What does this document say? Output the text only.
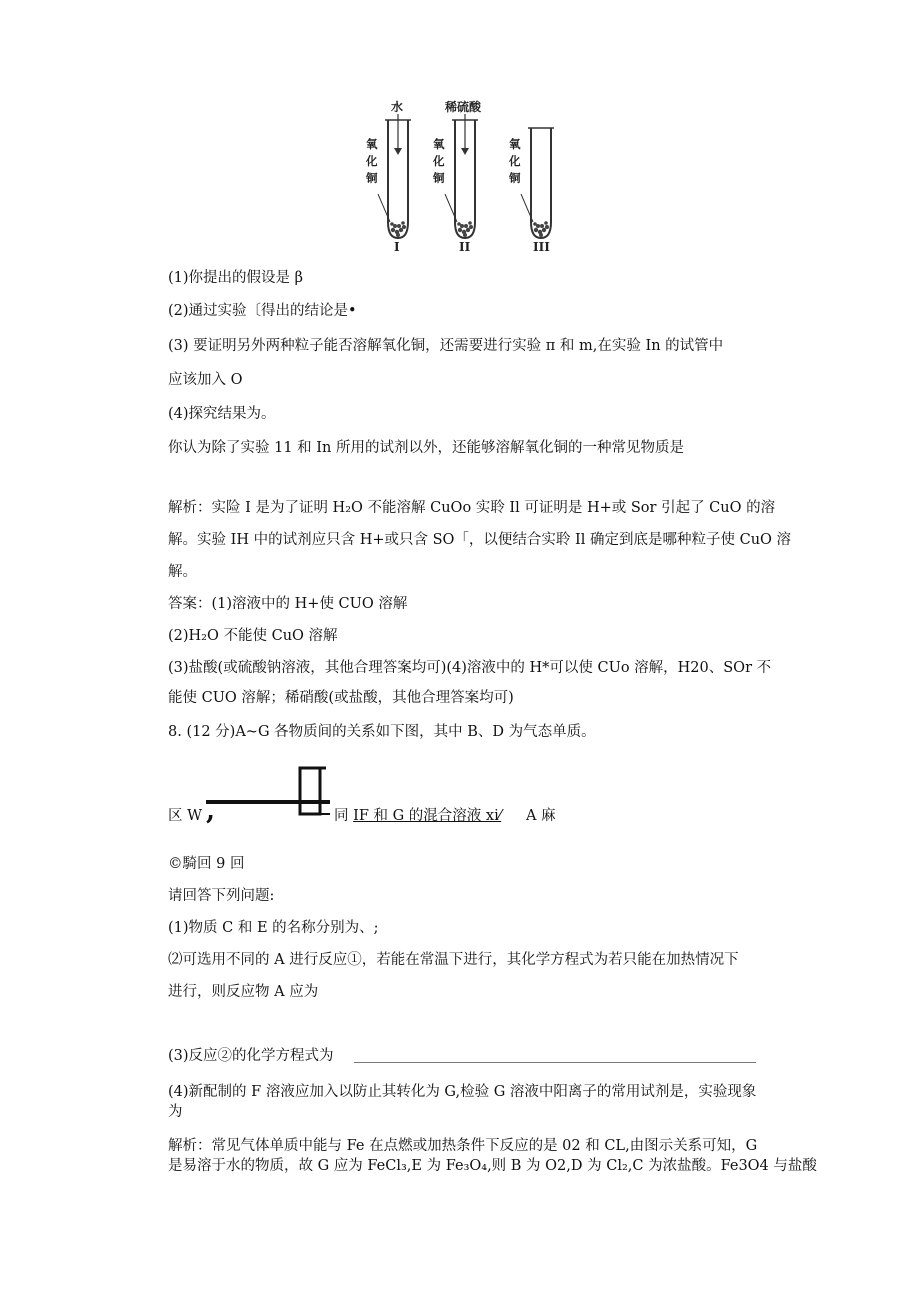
水	稀硫酸
氧化铜
氧化铜
氧化铜
I	II	III
(1)你提出的假设是 β
(2)通过实验〔得出的结论是•
(3) 要证明另外两种粒子能否溶解氧化铜，还需要进行实验 π 和 m,在实验 In 的试管中
应该加入 O
(4)探究结果为。
你认为除了实验 11 和 In 所用的试剂以外，还能够溶解氧化铜的一种常见物质是
解析：实险 I 是为了证明 H₂O 不能溶解 CuOo 实聆 Il 可证明是 H+或 Sor 引起了 CuO 的溶
解。实验 IH 中的试剂应只含 H+或只含 SO「，以便结合实聆 Il 确定到底是哪种粒子使 CuO 溶
解。
答案：(1)溶液中的 H+使 CUO 溶解
(2)H₂O 不能使 CuO 溶解
(3)盐酸(或硫酸钠溶液，其他合理答案均可)(4)溶液中的 H*可以使 CUo 溶解，H20、SOr 不
能使 CUO 溶解；稀硝酸(或盐酸，其他合理答案均可)
8. (12 分)A~G 各物质间的关系如下图，其中 B、D 为气态单质。
区 W ,	同 IF 和 G 的混合溶液 xi⁄ A 麻
©騎回 9 回
请回答下列问题:
(1)物质 C 和 E 的名称分别为、;
⑵可选用不同的 A 进行反应①，若能在常温下进行，其化学方程式为若只能在加热情况下
进行，则反应物 A 应为
(3)反应②的化学方程式为
(4)新配制的 F 溶液应加入以防止其转化为 G,检验 G 溶液中阳离子的常用试剂是，实验现象
为
解析：常见气体单质中能与 Fe 在点燃或加热条件下反应的是 02 和 CL,由图示关系可知，G
是易溶于水的物质，故 G 应为 FeCl₃,E 为 Fe₃O₄,则 B 为 O2,D 为 Cl₂,C 为浓盐酸。Fe3O4 与盐酸
